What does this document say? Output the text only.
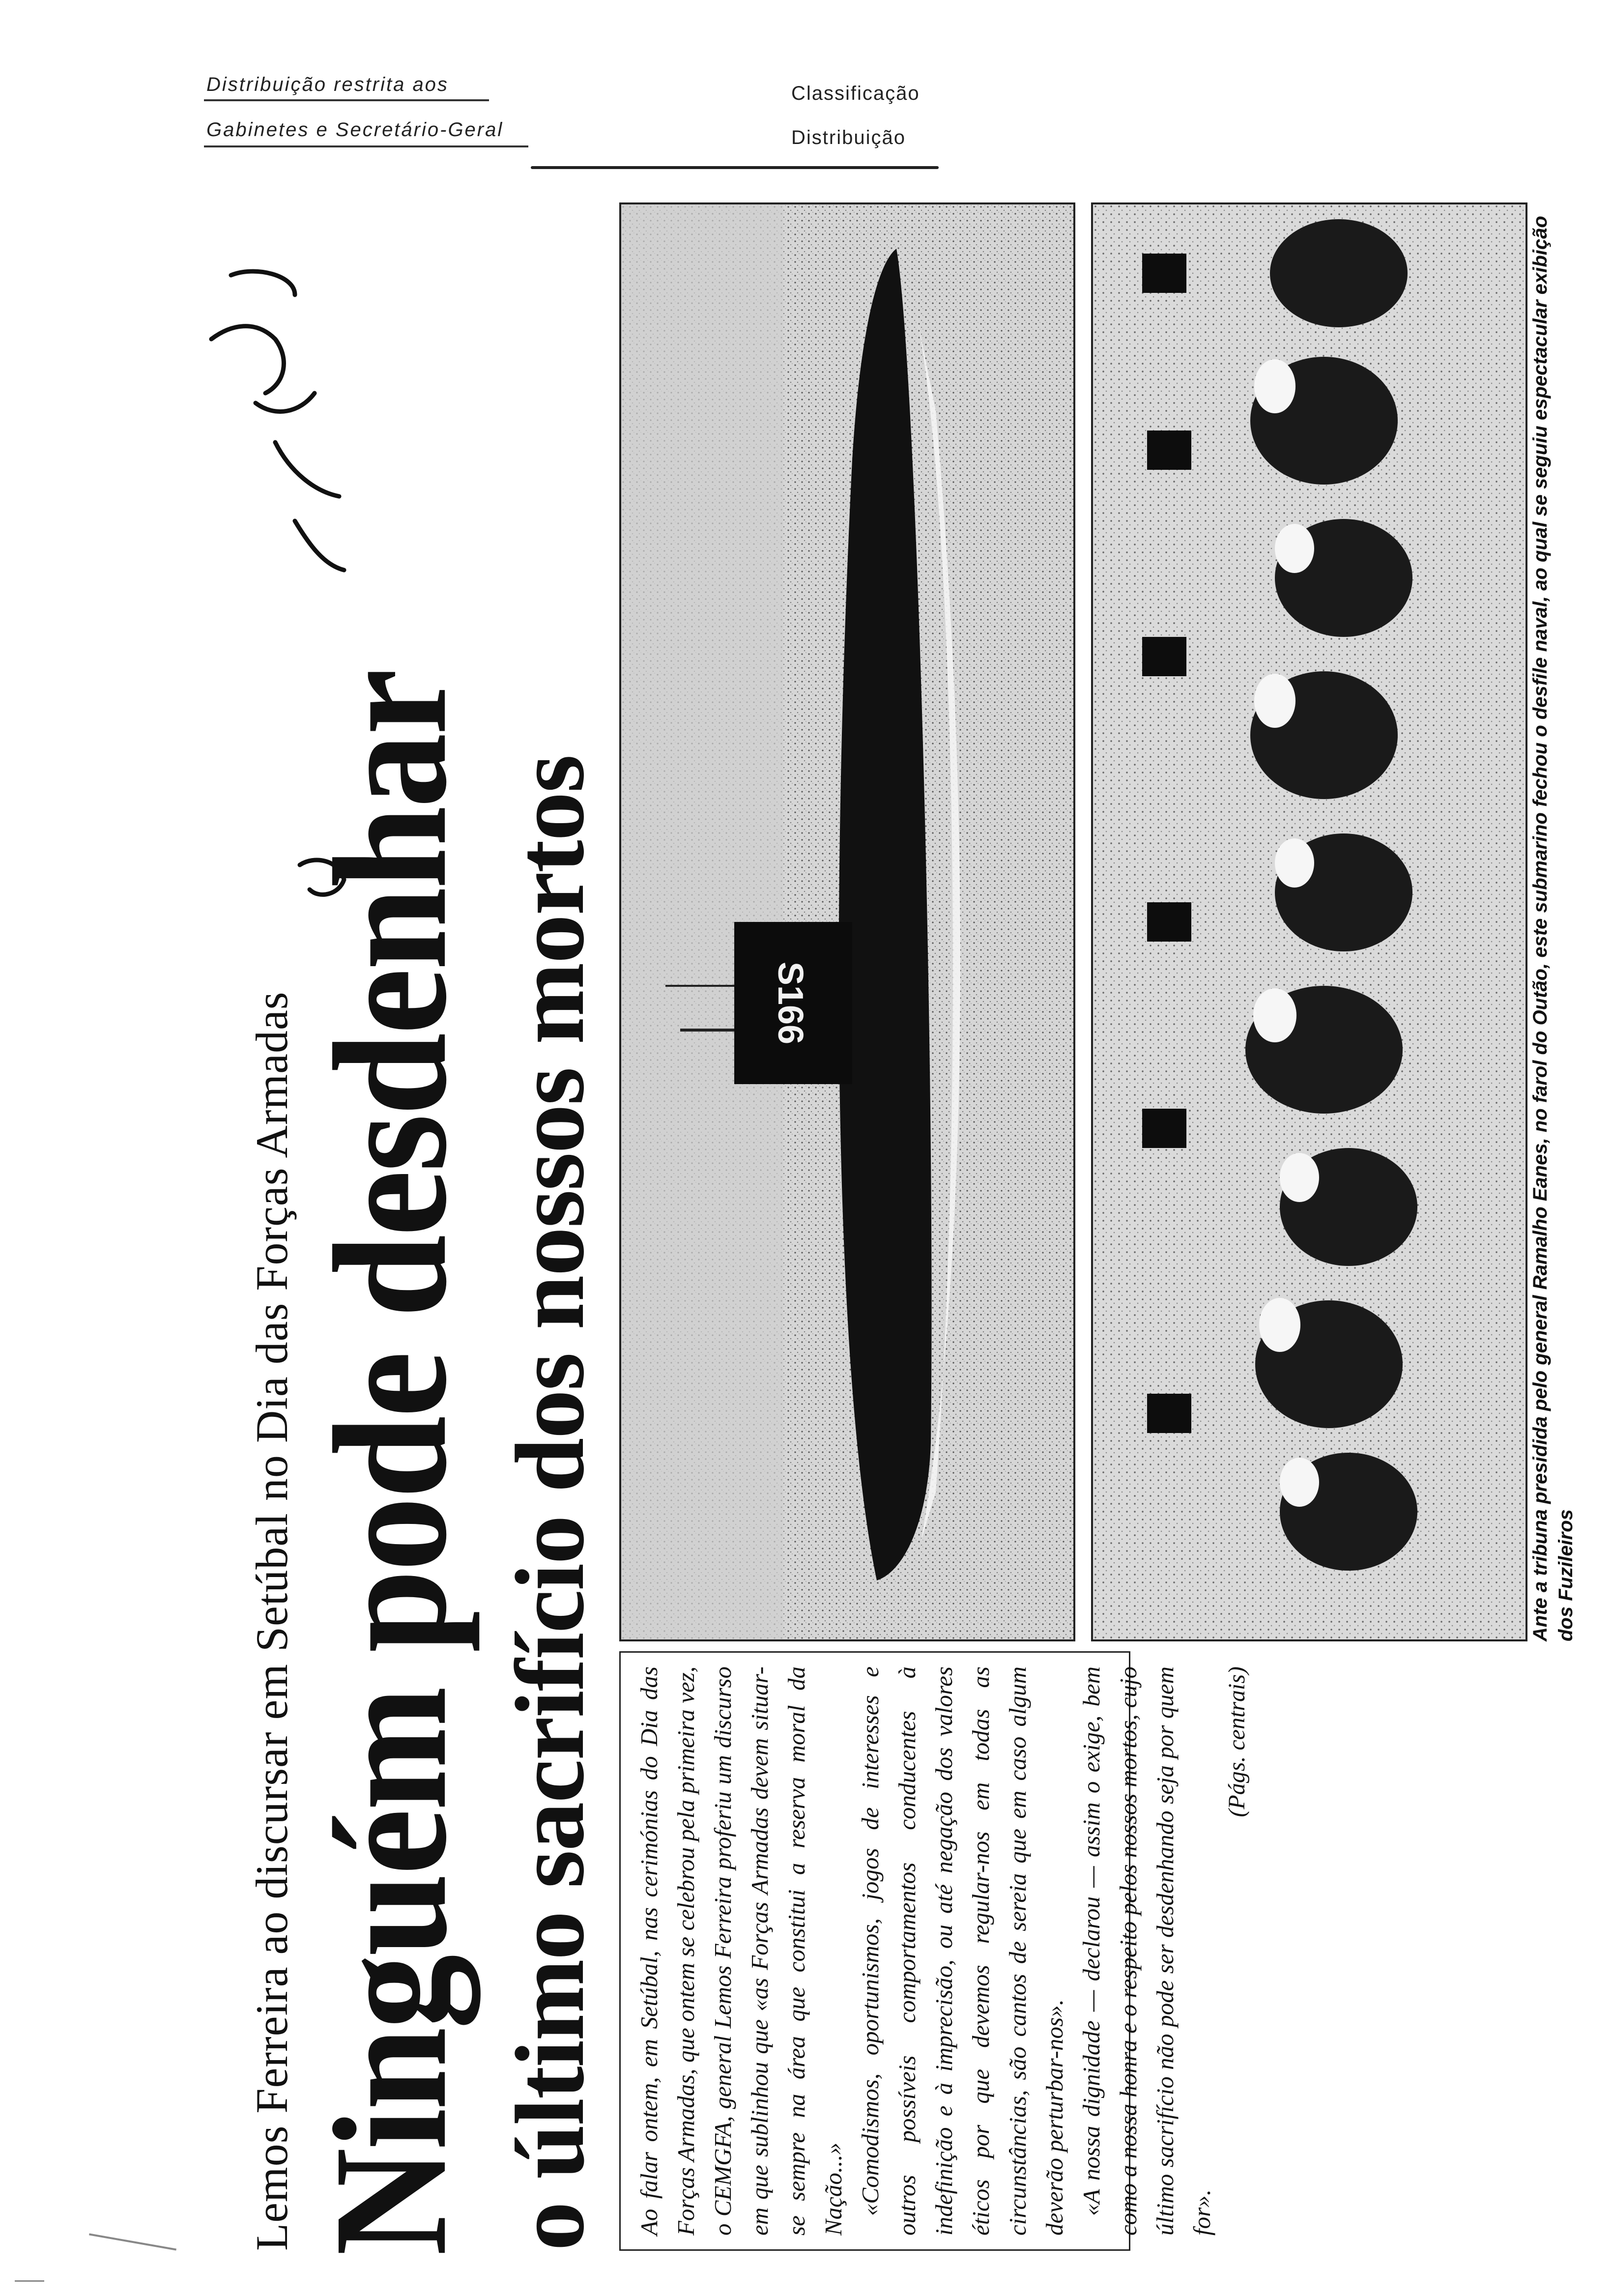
Distribuição restrita aos
Gabinetes e Secretário-Geral
Classificação
Distribuição
Lemos Ferreira ao discursar em Setúbal no Dia das Forças Armadas Ninguém pode desdenhar o último sacrifício dos nossos mortos Ao falar ontem, em Setúbal, nas cerimónias do Dia das Forças Armadas, que ontem se celebrou pela primeira vez, o CEMGFA, general Lemos Ferreira proferiu um discurso em que sublinhou que «as Forças Armadas devem situar-se sempre na área que constitui a reserva moral da Nação...» «Comodismos, oportunismos, jogos de interesses e outros possíveis comportamentos conducentes à indefinição e à imprecisão, ou até negação dos valores éticos por que devemos regular-nos em todas as circunstâncias, são cantos de sereia que em caso algum deverão perturbar-nos». «A nossa dignidade — declarou — assim o exige, bem como a nossa honra e o respeito pelos nossos mortos, cujo último sacrifício não pode ser desdenhando seja por quem for».

(Págs. centrais)
S166	Ante a tribuna presidida pelo general Ramalho Eanes, no farol do Outão, este submarino fechou o desfile naval, ao qual se seguiu espectacular exibição dos Fuzileiros
